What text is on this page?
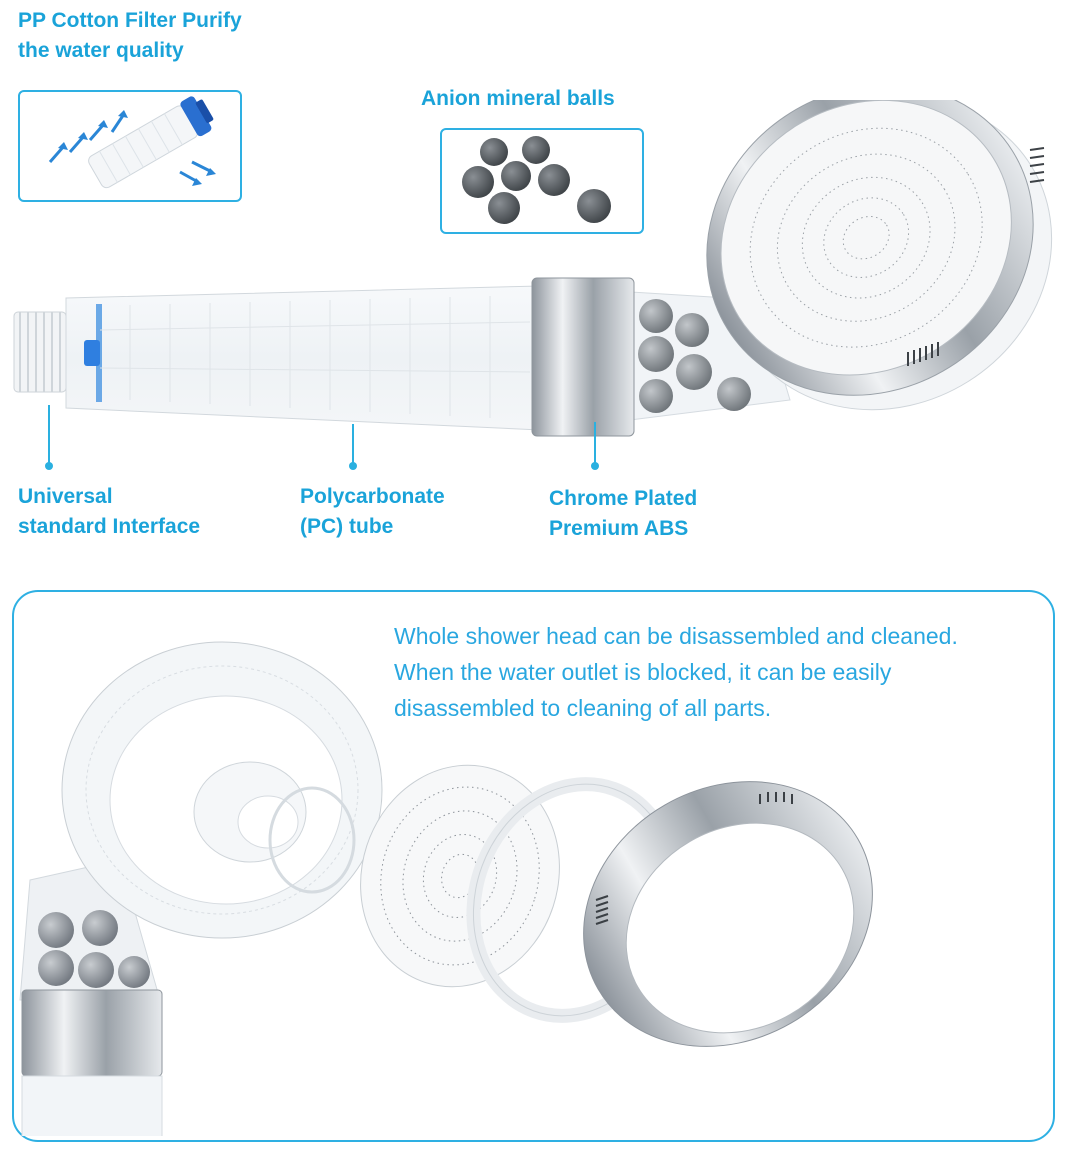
PP Cotton Filter Purify
the water quality

Anion mineral balls

Universal
standard Interface

Polycarbonate
(PC) tube

Chrome Plated
Premium ABS

Whole shower head can be disassembled and cleaned.
When the water outlet is blocked, it can be easily
disassembled to cleaning of all parts.
